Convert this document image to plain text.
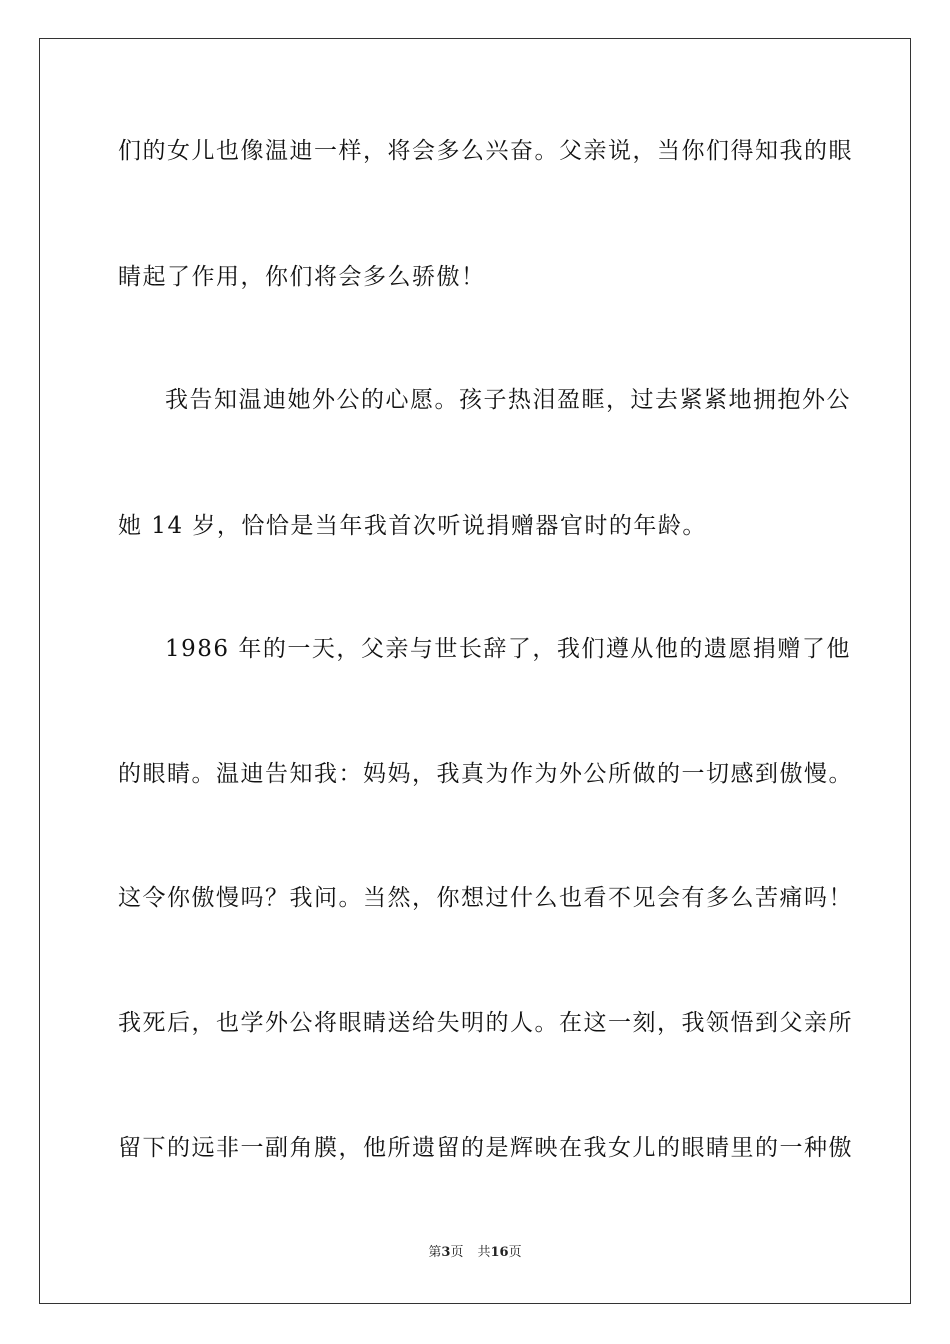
们的女儿也像温迪一样，将会多么兴奋。父亲说，当你们得知我的眼
睛起了作用，你们将会多么骄傲！
我告知温迪她外公的心愿。孩子热泪盈眶，过去紧紧地拥抱外公
她 14 岁，恰恰是当年我首次听说捐赠器官时的年龄。
1986 年的一天，父亲与世长辞了，我们遵从他的遗愿捐赠了他
的眼睛。温迪告知我：妈妈，我真为作为外公所做的一切感到傲慢。
这令你傲慢吗？我问。当然，你想过什么也看不见会有多么苦痛吗！
我死后，也学外公将眼睛送给失明的人。在这一刻，我领悟到父亲所
留下的远非一副角膜，他所遗留的是辉映在我女儿的眼睛里的一种傲
第3页 共16页
